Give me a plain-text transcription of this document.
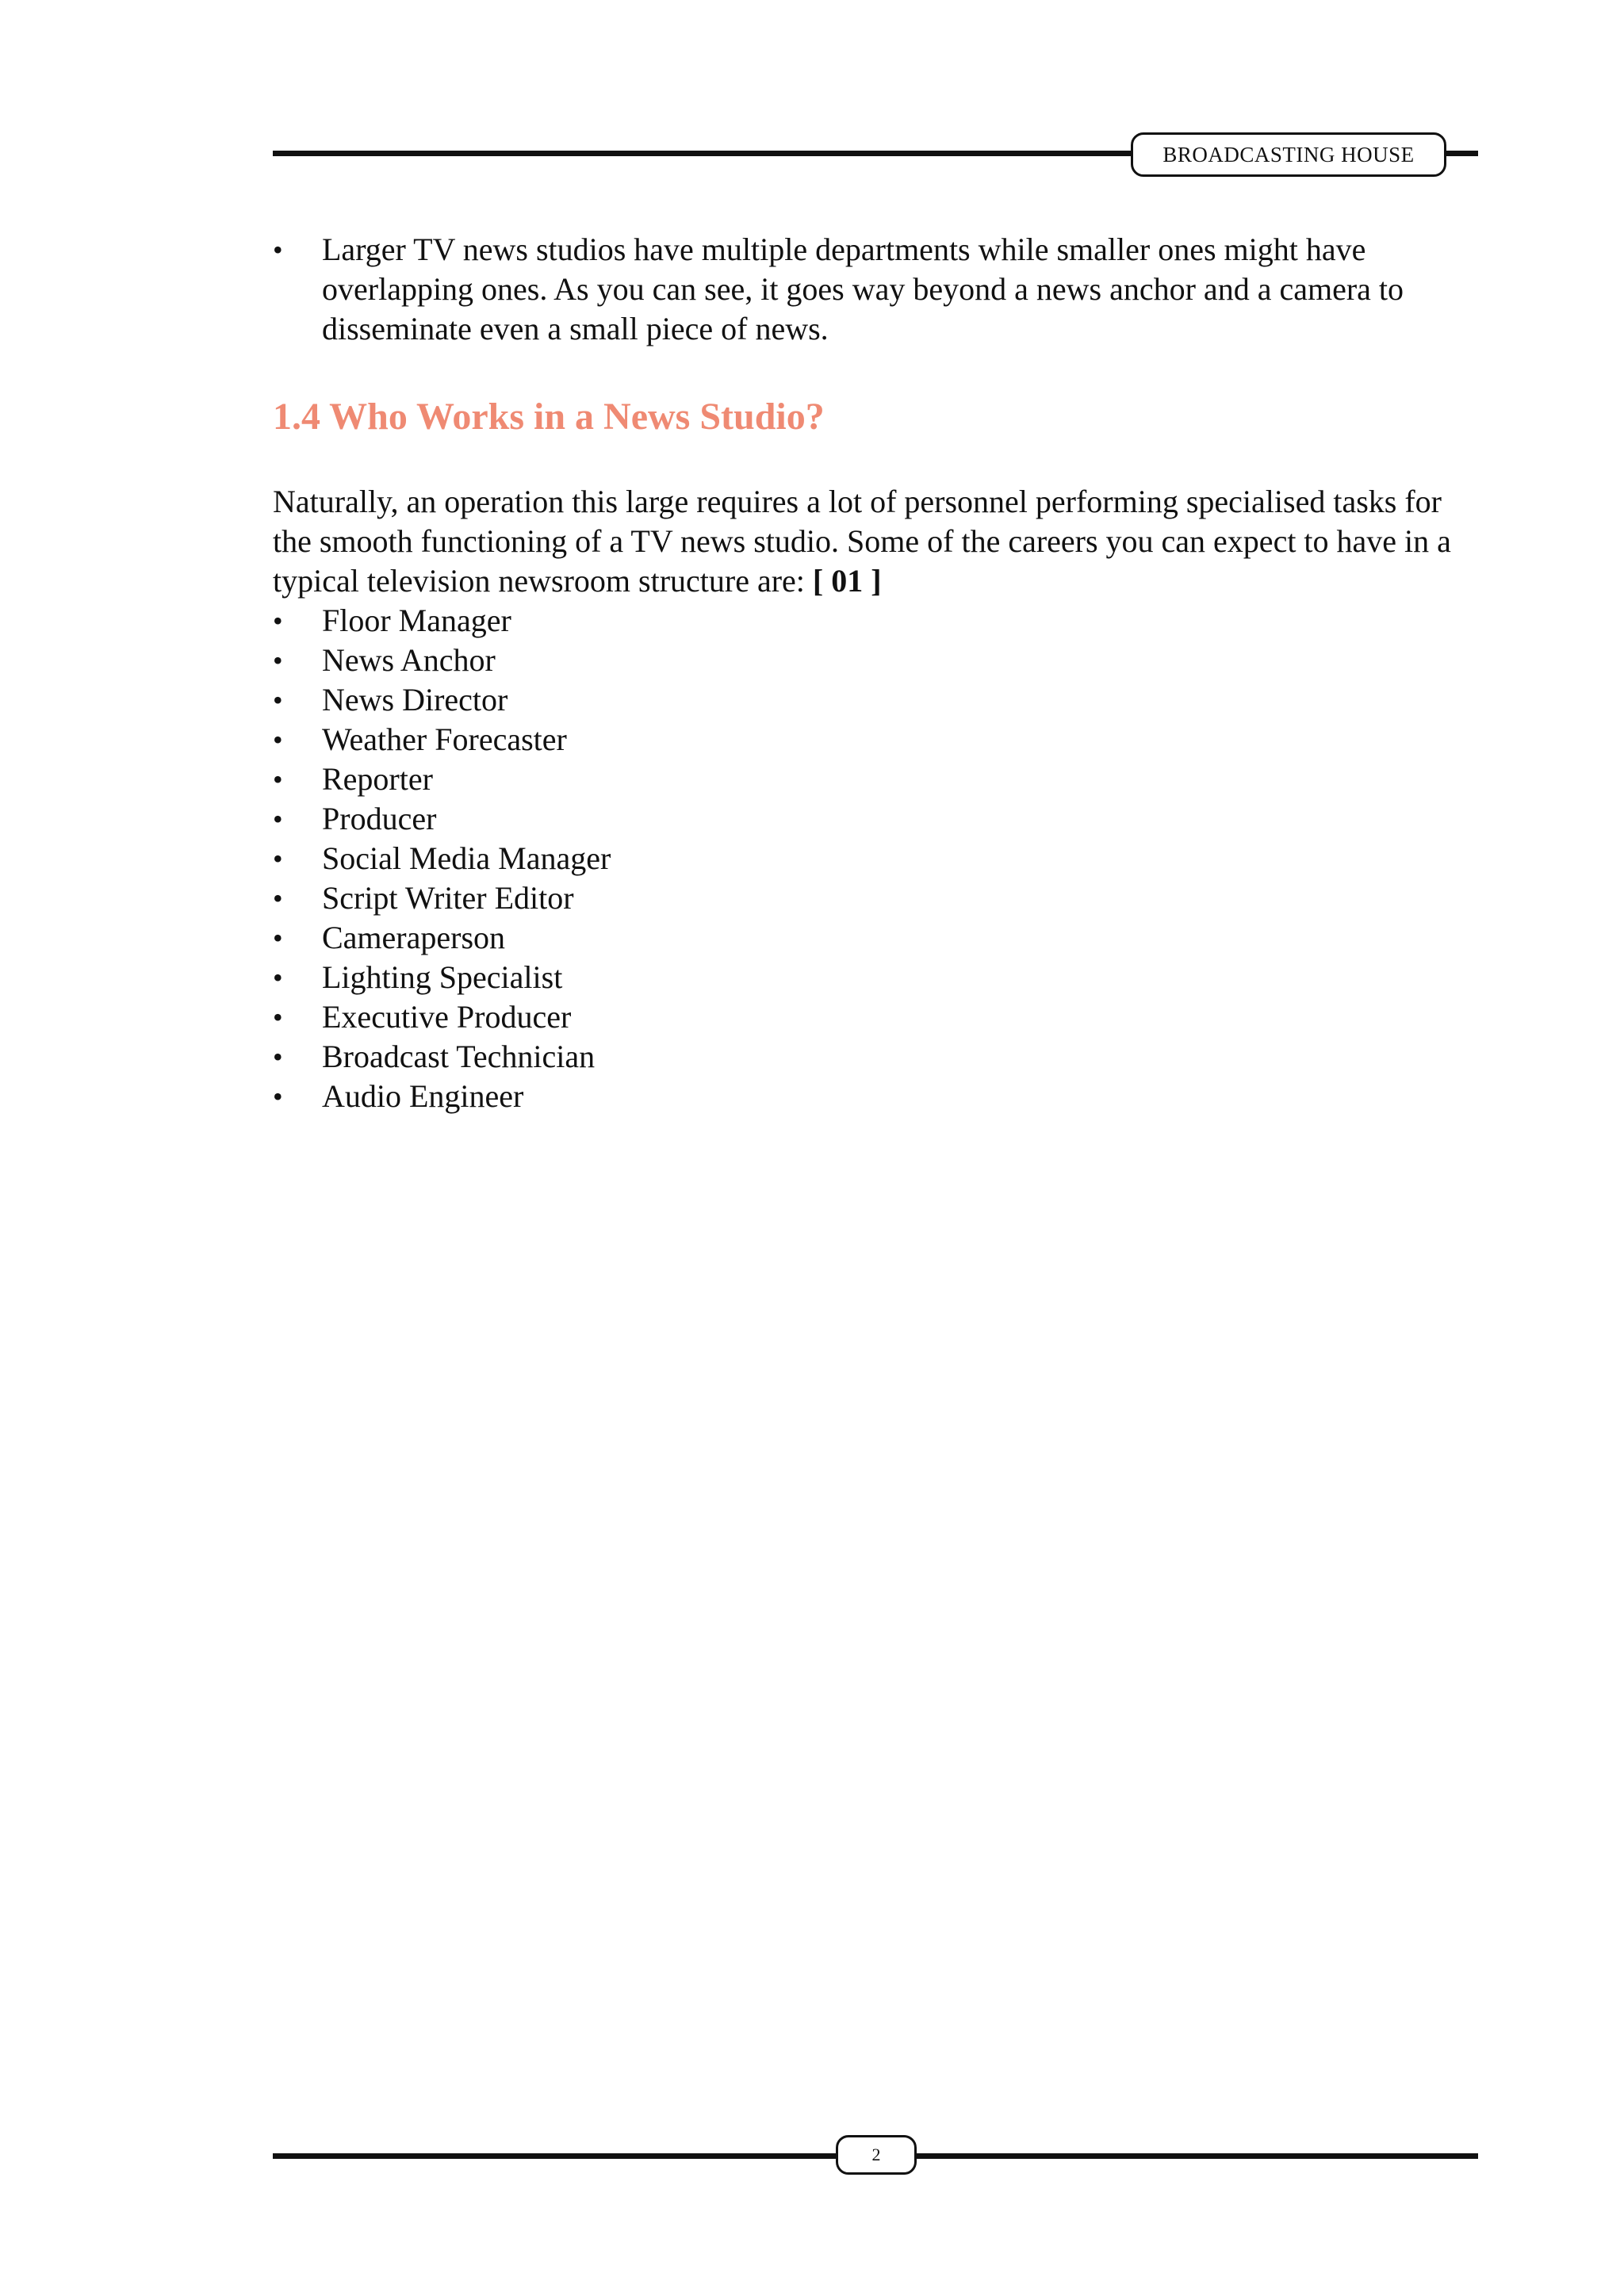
BROADCASTING HOUSE
•	Larger TV news studios have multiple departments while smaller ones might have overlapping ones. As you can see, it goes way beyond a news anchor and a camera to disseminate even a small piece of news.
1.4 Who Works in a News Studio?
Naturally, an operation this large requires a lot of personnel performing specialised tasks for the smooth functioning of a TV news studio. Some of the careers you can expect to have in a typical television newsroom structure are: [ 01 ]
•	Floor Manager
•	News Anchor
•	News Director
•	Weather Forecaster
•	Reporter
•	Producer
•	Social Media Manager
•	Script Writer Editor
•	Cameraperson
•	Lighting Specialist
•	Executive Producer
•	Broadcast Technician
•	Audio Engineer
2
